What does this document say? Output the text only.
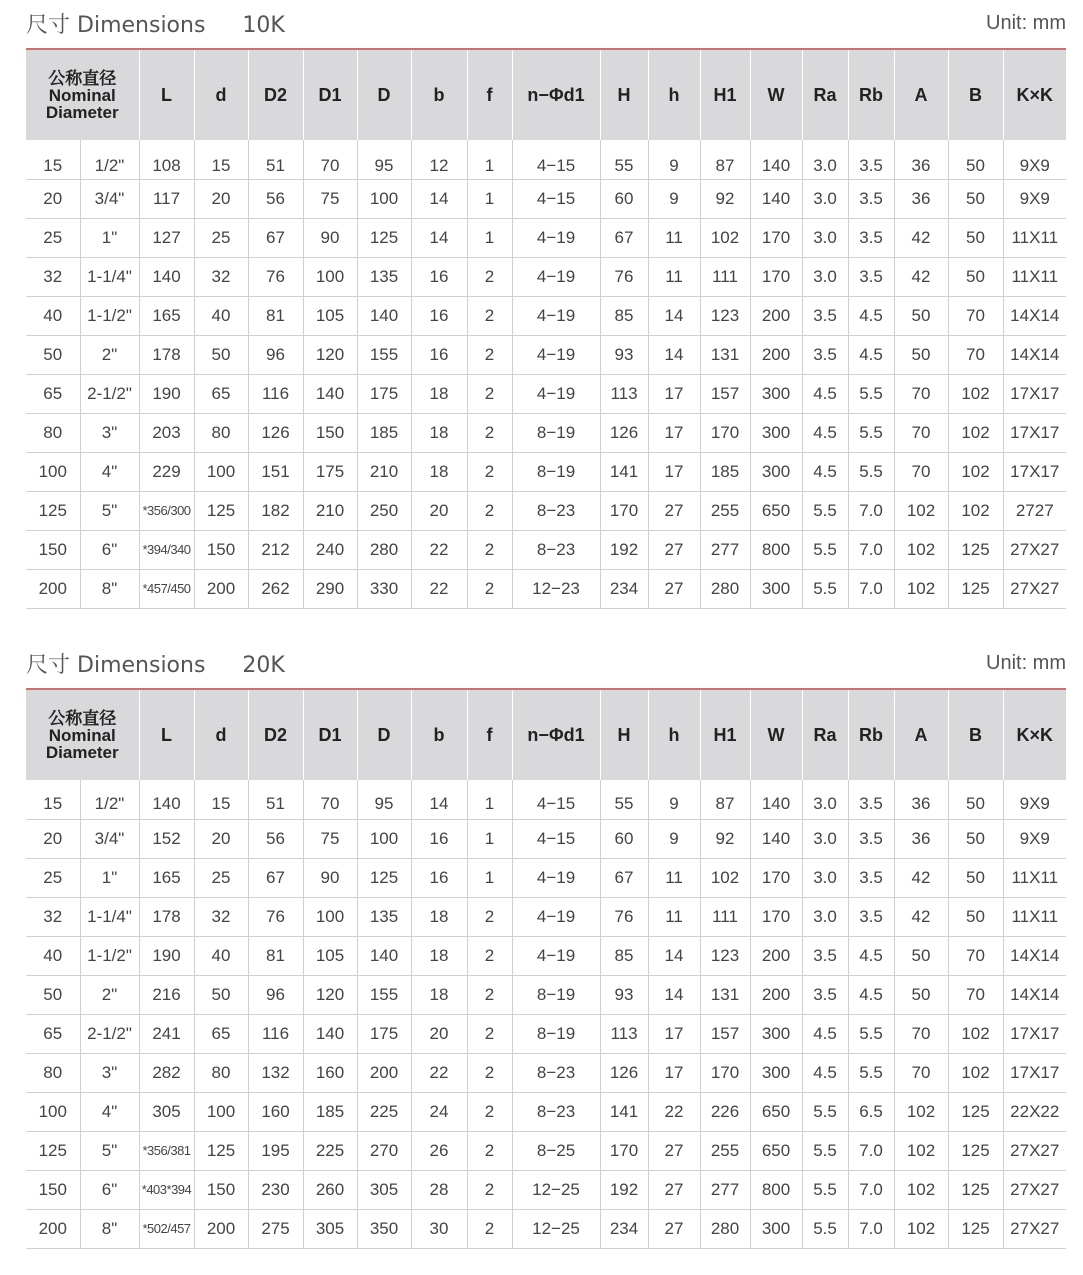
尺寸 Dimensions 10K	Unit: mm
公称直径
Nominal
Diameter		L	d	D2	D1	D	b	f	n−Φd1	H	h	H1	W	Ra	Rb	A	B	K×K
15	1/2"	108	15	51	70	95	12	1	4−15	55	9	87	140	3.0	3.5	36	50	9X9
20	3/4"	117	20	56	75	100	14	1	4−15	60	9	92	140	3.0	3.5	36	50	9X9
25	1"	127	25	67	90	125	14	1	4−19	67	11	102	170	3.0	3.5	42	50	11X11
32	1-1/4"	140	32	76	100	135	16	2	4−19	76	11	111	170	3.0	3.5	42	50	11X11
40	1-1/2"	165	40	81	105	140	16	2	4−19	85	14	123	200	3.5	4.5	50	70	14X14
50	2"	178	50	96	120	155	16	2	4−19	93	14	131	200	3.5	4.5	50	70	14X14
65	2-1/2"	190	65	116	140	175	18	2	4−19	113	17	157	300	4.5	5.5	70	102	17X17
80	3"	203	80	126	150	185	18	2	8−19	126	17	170	300	4.5	5.5	70	102	17X17
100	4"	229	100	151	175	210	18	2	8−19	141	17	185	300	4.5	5.5	70	102	17X17
125	5"	*356/300	125	182	210	250	20	2	8−23	170	27	255	650	5.5	7.0	102	102	2727
150	6"	*394/340	150	212	240	280	22	2	8−23	192	27	277	800	5.5	7.0	102	125	27X27
200	8"	*457/450	200	262	290	330	22	2	12−23	234	27	280	300	5.5	7.0	102	125	27X27
尺寸 Dimensions 20K	Unit: mm
公称直径
Nominal
Diameter		L	d	D2	D1	D	b	f	n−Φd1	H	h	H1	W	Ra	Rb	A	B	K×K
15	1/2"	140	15	51	70	95	14	1	4−15	55	9	87	140	3.0	3.5	36	50	9X9
20	3/4"	152	20	56	75	100	16	1	4−15	60	9	92	140	3.0	3.5	36	50	9X9
25	1"	165	25	67	90	125	16	1	4−19	67	11	102	170	3.0	3.5	42	50	11X11
32	1-1/4"	178	32	76	100	135	18	2	4−19	76	11	111	170	3.0	3.5	42	50	11X11
40	1-1/2"	190	40	81	105	140	18	2	4−19	85	14	123	200	3.5	4.5	50	70	14X14
50	2"	216	50	96	120	155	18	2	8−19	93	14	131	200	3.5	4.5	50	70	14X14
65	2-1/2"	241	65	116	140	175	20	2	8−19	113	17	157	300	4.5	5.5	70	102	17X17
80	3"	282	80	132	160	200	22	2	8−23	126	17	170	300	4.5	5.5	70	102	17X17
100	4"	305	100	160	185	225	24	2	8−23	141	22	226	650	5.5	6.5	102	125	22X22
125	5"	*356/381	125	195	225	270	26	2	8−25	170	27	255	650	5.5	7.0	102	125	27X27
150	6"	*403*394	150	230	260	305	28	2	12−25	192	27	277	800	5.5	7.0	102	125	27X27
200	8"	*502/457	200	275	305	350	30	2	12−25	234	27	280	300	5.5	7.0	102	125	27X27
